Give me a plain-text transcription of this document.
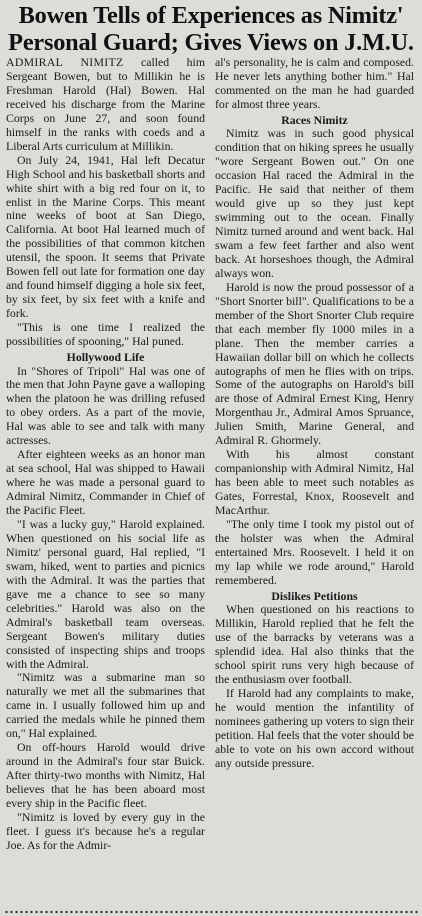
Bowen Tells of Experiences as Nimitz' Personal Guard; Gives Views on J.M.U.

ADMIRAL NIMITZ called him Sergeant Bowen, but to Millikin he is Freshman Harold (Hal) Bowen. Hal received his discharge from the Marine Corps on June 27, and soon found himself in the ranks with coeds and a Liberal Arts curriculum at Millikin.

On July 24, 1941, Hal left Decatur High School and his basketball shorts and white shirt with a big red four on it, to enlist in the Marine Corps. This meant nine weeks of boot at San Diego, California. At boot Hal learned much of the possibilities of that common kitchen utensil, the spoon. It seems that Private Bowen fell out late for formation one day and found himself digging a hole six feet, by six feet, by six feet with a knife and fork.

"This is one time I realized the possibilities of spooning," Hal puned.

Hollywood Life

In "Shores of Tripoli" Hal was one of the men that John Payne gave a walloping when the platoon he was drilling refused to obey orders. As a part of the movie, Hal was able to see and talk with many actresses.

After eighteen weeks as an honor man at sea school, Hal was shipped to Hawaii where he was made a personal guard to Admiral Nimitz, Commander in Chief of the Pacific Fleet.

"I was a lucky guy," Harold explained. When questioned on his social life as Nimitz' personal guard, Hal replied, "I swam, hiked, went to parties and picnics with the Admiral. It was the parties that gave me a chance to see so many celebrities." Harold was also on the Admiral's basketball team overseas. Sergeant Bowen's military duties consisted of inspecting ships and troops with the Admiral.

"Nimitz was a submarine man so naturally we met all the submarines that came in. I usually followed him up and carried the medals while he pinned them on," Hal explained.

On off-hours Harold would drive around in the Admiral's four star Buick. After thirty-two months with Nimitz, Hal believes that he has been aboard most every ship in the Pacific fleet.

"Nimitz is loved by every guy in the fleet. I guess it's because he's a regular Joe. As for the Admir-

al's personality, he is calm and composed. He never lets anything bother him." Hal commented on the man he had guarded for almost three years.

Races Nimitz

Nimitz was in such good physical condition that on hiking sprees he usually "wore Sergeant Bowen out." On one occasion Hal raced the Admiral in the Pacific. He said that neither of them would give up so they just kept swimming out to the ocean. Finally Nimitz turned around and went back. Hal swam a few feet farther and also went back. At horseshoes though, the Admiral always won.

Harold is now the proud possessor of a "Short Snorter bill". Qualifications to be a member of the Short Snorter Club require that each member fly 1000 miles in a plane. Then the member carries a Hawaiian dollar bill on which he collects autographs of men he flies with on trips. Some of the autographs on Harold's bill are those of Admiral Ernest King, Henry Morgenthau Jr., Admiral Amos Spruance, Julien Smith, Marine General, and Admiral R. Ghormely.

With his almost constant companionship with Admiral Nimitz, Hal has been able to meet such notables as Gates, Forrestal, Knox, Roosevelt and MacArthur.

"The only time I took my pistol out of the holster was when the Admiral entertained Mrs. Roosevelt. I held it on my lap while we rode around," Harold remembered.

Dislikes Petitions

When questioned on his reactions to Millikin, Harold replied that he felt the use of the barracks by veterans was a splendid idea. Hal also thinks that the school spirit runs very high because of the enthusiasm over football.

If Harold had any complaints to make, he would mention the infantility of nominees gathering up voters to sign their petition. Hal feels that the voter should be able to vote on his own accord without any outside pressure.
